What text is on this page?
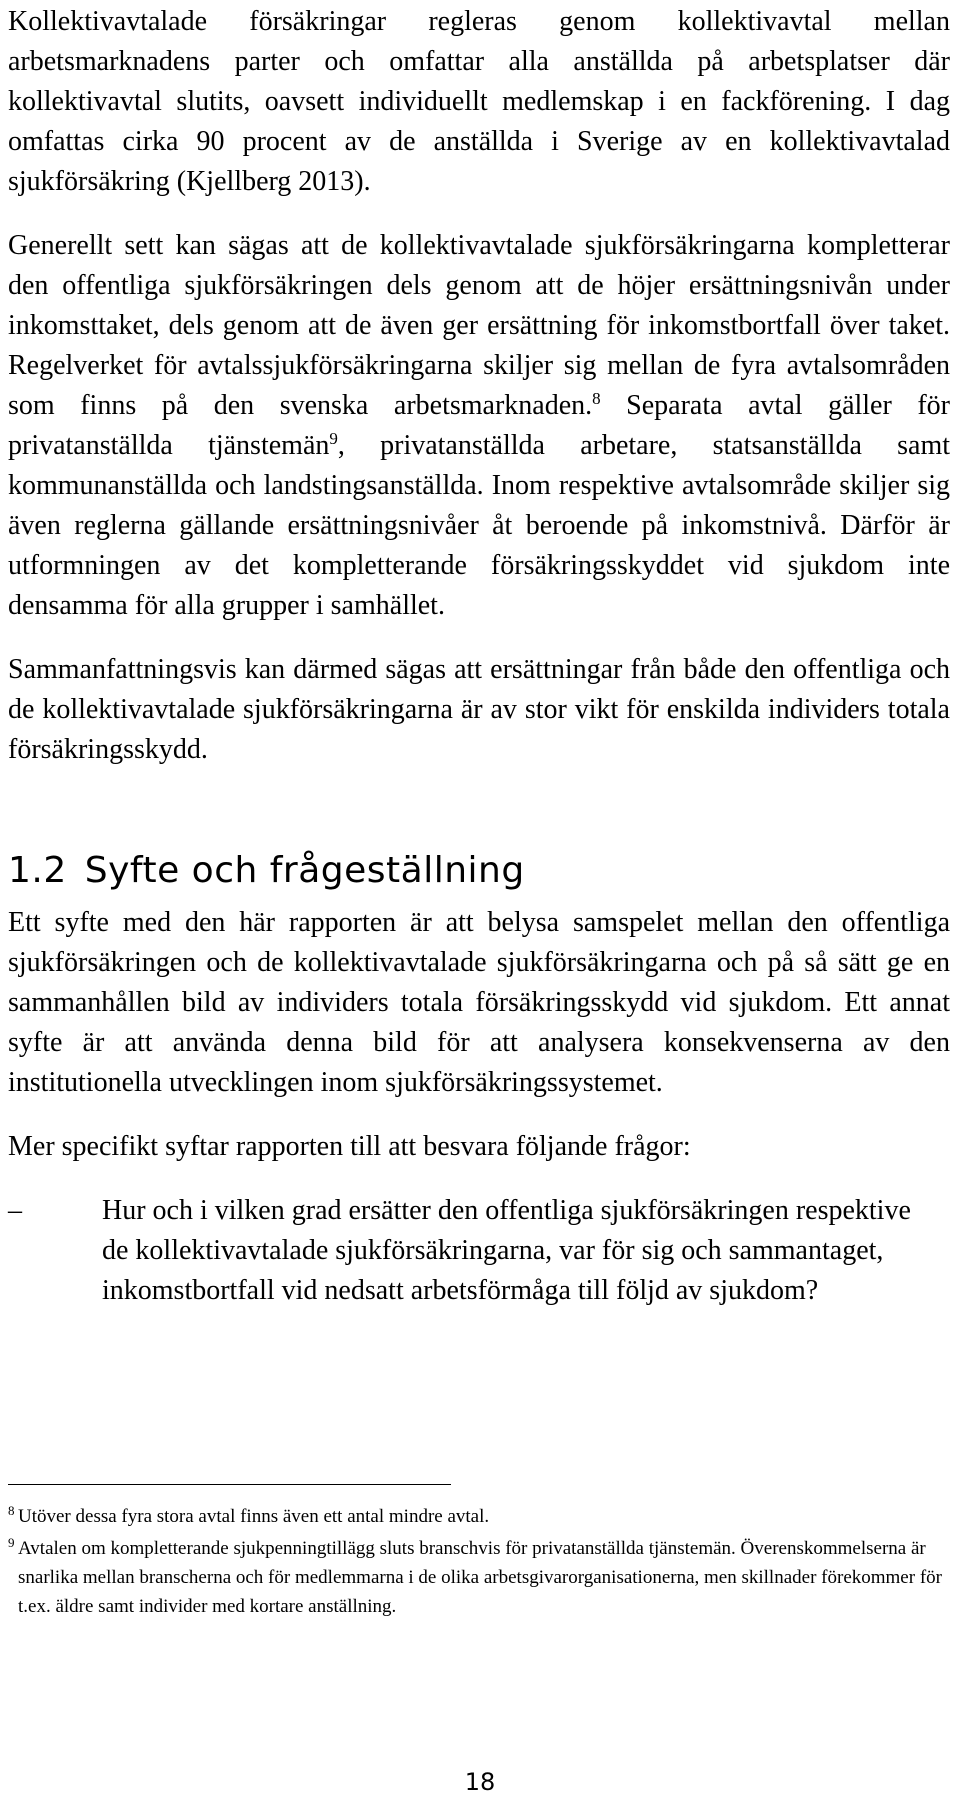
Kollektivavtalade försäkringar regleras genom kollektivavtal mellan arbetsmarknadens parter och omfattar alla anställda på arbetsplatser där kollektivavtal slutits, oavsett individuellt medlemskap i en fackförening. I dag omfattas cirka 90 procent av de anställda i Sverige av en kollektivavtalad sjukförsäkring (Kjellberg 2013).

Generellt sett kan sägas att de kollektivavtalade sjukförsäkringarna kompletterar den offentliga sjukförsäkringen dels genom att de höjer ersättningsnivån under inkomsttaket, dels genom att de även ger ersättning för inkomstbortfall över taket. Regelverket för avtalssjukförsäkringarna skiljer sig mellan de fyra avtalsområden som finns på den svenska arbetsmarknaden.$^8$ Separata avtal gäller för privatanställda tjänstemän$^9$, privatanställda arbetare, statsanställda samt kommunanställda och landstingsanställda. Inom respektive avtalsområde skiljer sig även reglerna gällande ersättningsnivåer åt beroende på inkomstnivå. Därför är utformningen av det kompletterande försäkringsskyddet vid sjukdom inte densamma för alla grupper i samhället.

Sammanfattningsvis kan därmed sägas att ersättningar från både den offentliga och de kollektivavtalade sjukförsäkringarna är av stor vikt för enskilda individers totala försäkringsskydd.

1.2 Syfte och frågeställning

Ett syfte med den här rapporten är att belysa samspelet mellan den offentliga sjukförsäkringen och de kollektivavtalade sjukförsäkringarna och på så sätt ge en sammanhållen bild av individers totala försäkringsskydd vid sjukdom. Ett annat syfte är att använda denna bild för att analysera konsekvenserna av den institutionella utvecklingen inom sjukförsäkringssystemet.

Mer specifikt syftar rapporten till att besvara följande frågor:

–	Hur och i vilken grad ersätter den offentliga sjukförsäkringen respektive de kollektivavtalade sjukförsäkringarna, var för sig och sammantaget, inkomstbortfall vid nedsatt arbetsförmåga till följd av sjukdom?
8 Utöver dessa fyra stora avtal finns även ett antal mindre avtal.
9 Avtalen om kompletterande sjukpenningtillägg sluts branschvis för privatanställda tjänstemän. Överenskommelserna är snarlika mellan branscherna och för medlemmarna i de olika arbetsgivarorganisationerna, men skillnader förekommer för t.ex. äldre samt individer med kortare anställning.
18
